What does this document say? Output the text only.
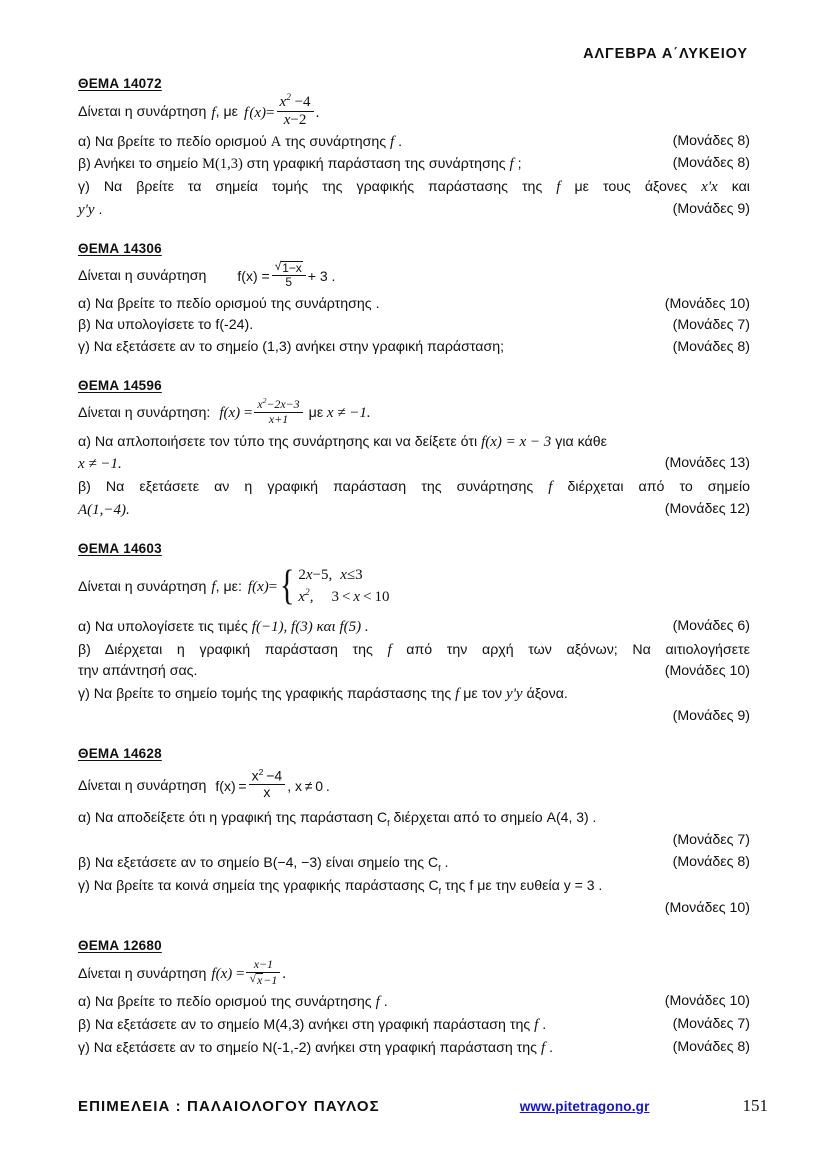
ΑΛΓΕΒΡΑ Α΄ΛΥΚΕΙΟΥ
ΘΕΜΑ 14072
Δίνεται η συνάρτηση f , με f $(x) = \frac{x^2 -4}{x-2}$ .
(Μονάδες 8)
α) Να βρείτε το πεδίο ορισμού Α της συνάρτησης f .
(Μονάδες 8)
β) Ανήκει το σημείο Μ(1,3) στη γραφική παράσταση της συνάρτησης f ;
γ) Να βρείτε τα σημεία τομής της γραφικής παράστασης της f με τους άξονες x'x και
(Μονάδες 9)
y'y .
ΘΕΜΑ 14306
Δίνεται η συνάρτηση f(x) = √ $\frac{1-x}{5} + 3$ .
(Μονάδες 10)
α) Να βρείτε το πεδίο ορισμού της συνάρτησης .
(Μονάδες 7)
β) Να υπολογίσετε το f(-24).
(Μονάδες 8)
γ) Να εξετάσετε αν το σημείο (1,3) ανήκει στην γραφική παράσταση;
ΘΕΜΑ 14596
Δίνεται η συνάρτηση: $f(x) = \frac{x^2-2x-3}{x+1}$ με x ≠ −1.
α) Να απλοποιήσετε τον τύπο της συνάρτησης και να δείξετε ότι f(x) = x − 3 για κάθε
(Μονάδες 13)
x ≠ −1.
β) Να εξετάσετε αν η γραφική παράσταση της συνάρτησης f διέρχεται από το σημείο
(Μονάδες 12)
Α(1,−4).
ΘΕΜΑ 14603
Δίνεται η συνάρτηση f , με: f(x) = { 2x−5, x≤3
$x^2$, 3 < x < 10
(Μονάδες 6)
α) Να υπολογίσετε τις τιμές f(−1), f(3) και f(5) .
β) Διέρχεται η γραφική παράσταση της f από την αρχή των αξόνων; Να αιτιολογήσετε
(Μονάδες 10)
την απάντησή σας.
γ) Να βρείτε το σημείο τομής της γραφικής παράστασης της f με τον y'y άξονα.
(Μονάδες 9)
ΘΕΜΑ 14628
Δίνεται η συνάρτηση $f(x) = \frac{x^2 -4}{x}$ , x ≠ 0 .
α) Να αποδείξετε ότι η γραφική της παράσταση $C_f$ διέρχεται από το σημείο Α(4, 3) .
(Μονάδες 7)
(Μονάδες 8)
β) Να εξετάσετε αν το σημείο Β(−4, −3) είναι σημείο της $C_f$ .
γ) Να βρείτε τα κοινά σημεία της γραφικής παράστασης $C_f$ της f με την ευθεία y = 3 .
(Μονάδες 10)
ΘΕΜΑ 12680
Δίνεται η συνάρτηση f(x) = x−1
√ x−1 .
(Μονάδες 10)
α) Να βρείτε το πεδίο ορισμού της συνάρτησης f .
(Μονάδες 7)
β) Να εξετάσετε αν το σημείο Μ(4,3) ανήκει στη γραφική παράσταση της f .
(Μονάδες 8)
γ) Να εξετάσετε αν το σημείο Ν(-1,-2) ανήκει στη γραφική παράσταση της f .
ΕΠΙΜΕΛΕΙΑ : ΠΑΛΑΙΟΛΟΓΟΥ ΠΑΥΛΟΣ	www.pitetragono.gr	151
